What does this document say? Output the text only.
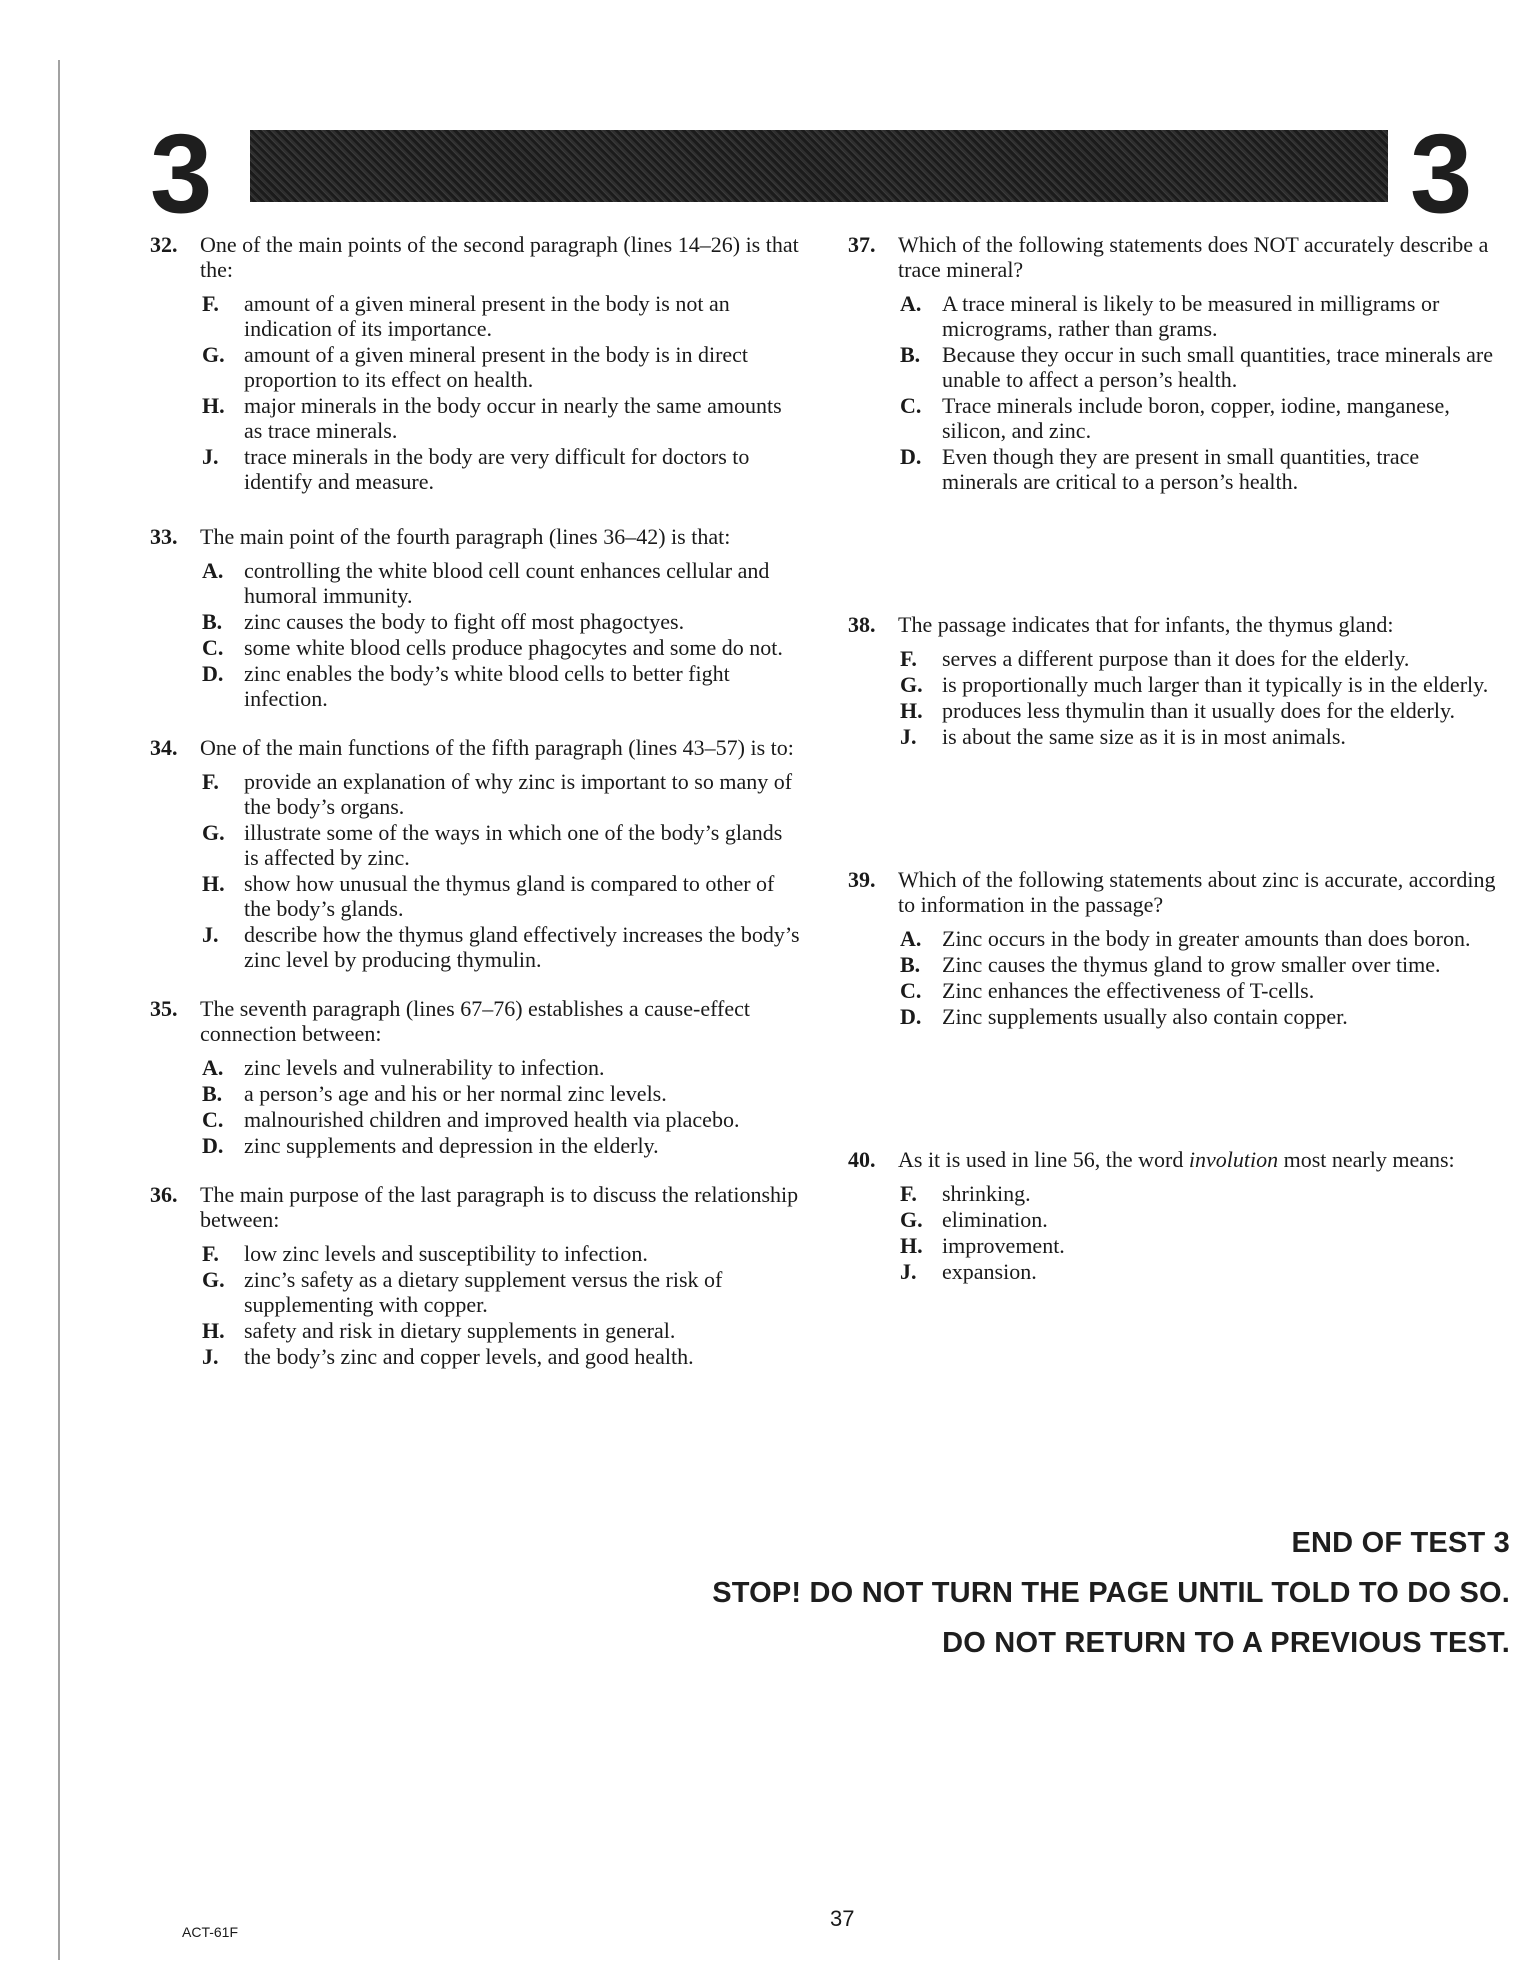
3	3
32. One of the main points of the second paragraph (lines 14–26) is that the:
F. amount of a given mineral present in the body is not an indication of its importance.
G. amount of a given mineral present in the body is in direct proportion to its effect on health.
H. major minerals in the body occur in nearly the same amounts as trace minerals.
J. trace minerals in the body are very difficult for doctors to identify and measure.
33. The main point of the fourth paragraph (lines 36–42) is that:
A. controlling the white blood cell count enhances cellular and humoral immunity.
B. zinc causes the body to fight off most phagoctyes.
C. some white blood cells produce phagocytes and some do not.
D. zinc enables the body’s white blood cells to better fight infection.
34. One of the main functions of the fifth paragraph (lines 43–57) is to:
F. provide an explanation of why zinc is important to so many of the body’s organs.
G. illustrate some of the ways in which one of the body’s glands is affected by zinc.
H. show how unusual the thymus gland is compared to other of the body’s glands.
J. describe how the thymus gland effectively increases the body’s zinc level by producing thymulin.
35. The seventh paragraph (lines 67–76) establishes a cause-effect connection between:
A. zinc levels and vulnerability to infection.
B. a person’s age and his or her normal zinc levels.
C. malnourished children and improved health via placebo.
D. zinc supplements and depression in the elderly.
36. The main purpose of the last paragraph is to discuss the relationship between:
F. low zinc levels and susceptibility to infection.
G. zinc’s safety as a dietary supplement versus the risk of supplementing with copper.
H. safety and risk in dietary supplements in general.
J. the body’s zinc and copper levels, and good health.
37. Which of the following statements does NOT accurately describe a trace mineral?
A. A trace mineral is likely to be measured in milligrams or micrograms, rather than grams.
B. Because they occur in such small quantities, trace minerals are unable to affect a person’s health.
C. Trace minerals include boron, copper, iodine, manganese, silicon, and zinc.
D. Even though they are present in small quantities, trace minerals are critical to a person’s health.
38. The passage indicates that for infants, the thymus gland:
F. serves a different purpose than it does for the elderly.
G. is proportionally much larger than it typically is in the elderly.
H. produces less thymulin than it usually does for the elderly.
J. is about the same size as it is in most animals.
39. Which of the following statements about zinc is accurate, according to information in the passage?
A. Zinc occurs in the body in greater amounts than does boron.
B. Zinc causes the thymus gland to grow smaller over time.
C. Zinc enhances the effectiveness of T-cells.
D. Zinc supplements usually also contain copper.
40. As it is used in line 56, the word involution most nearly means:
F. shrinking.
G. elimination.
H. improvement.
J. expansion.
END OF TEST 3
STOP! DO NOT TURN THE PAGE UNTIL TOLD TO DO SO.
DO NOT RETURN TO A PREVIOUS TEST.
ACT-61F
37
